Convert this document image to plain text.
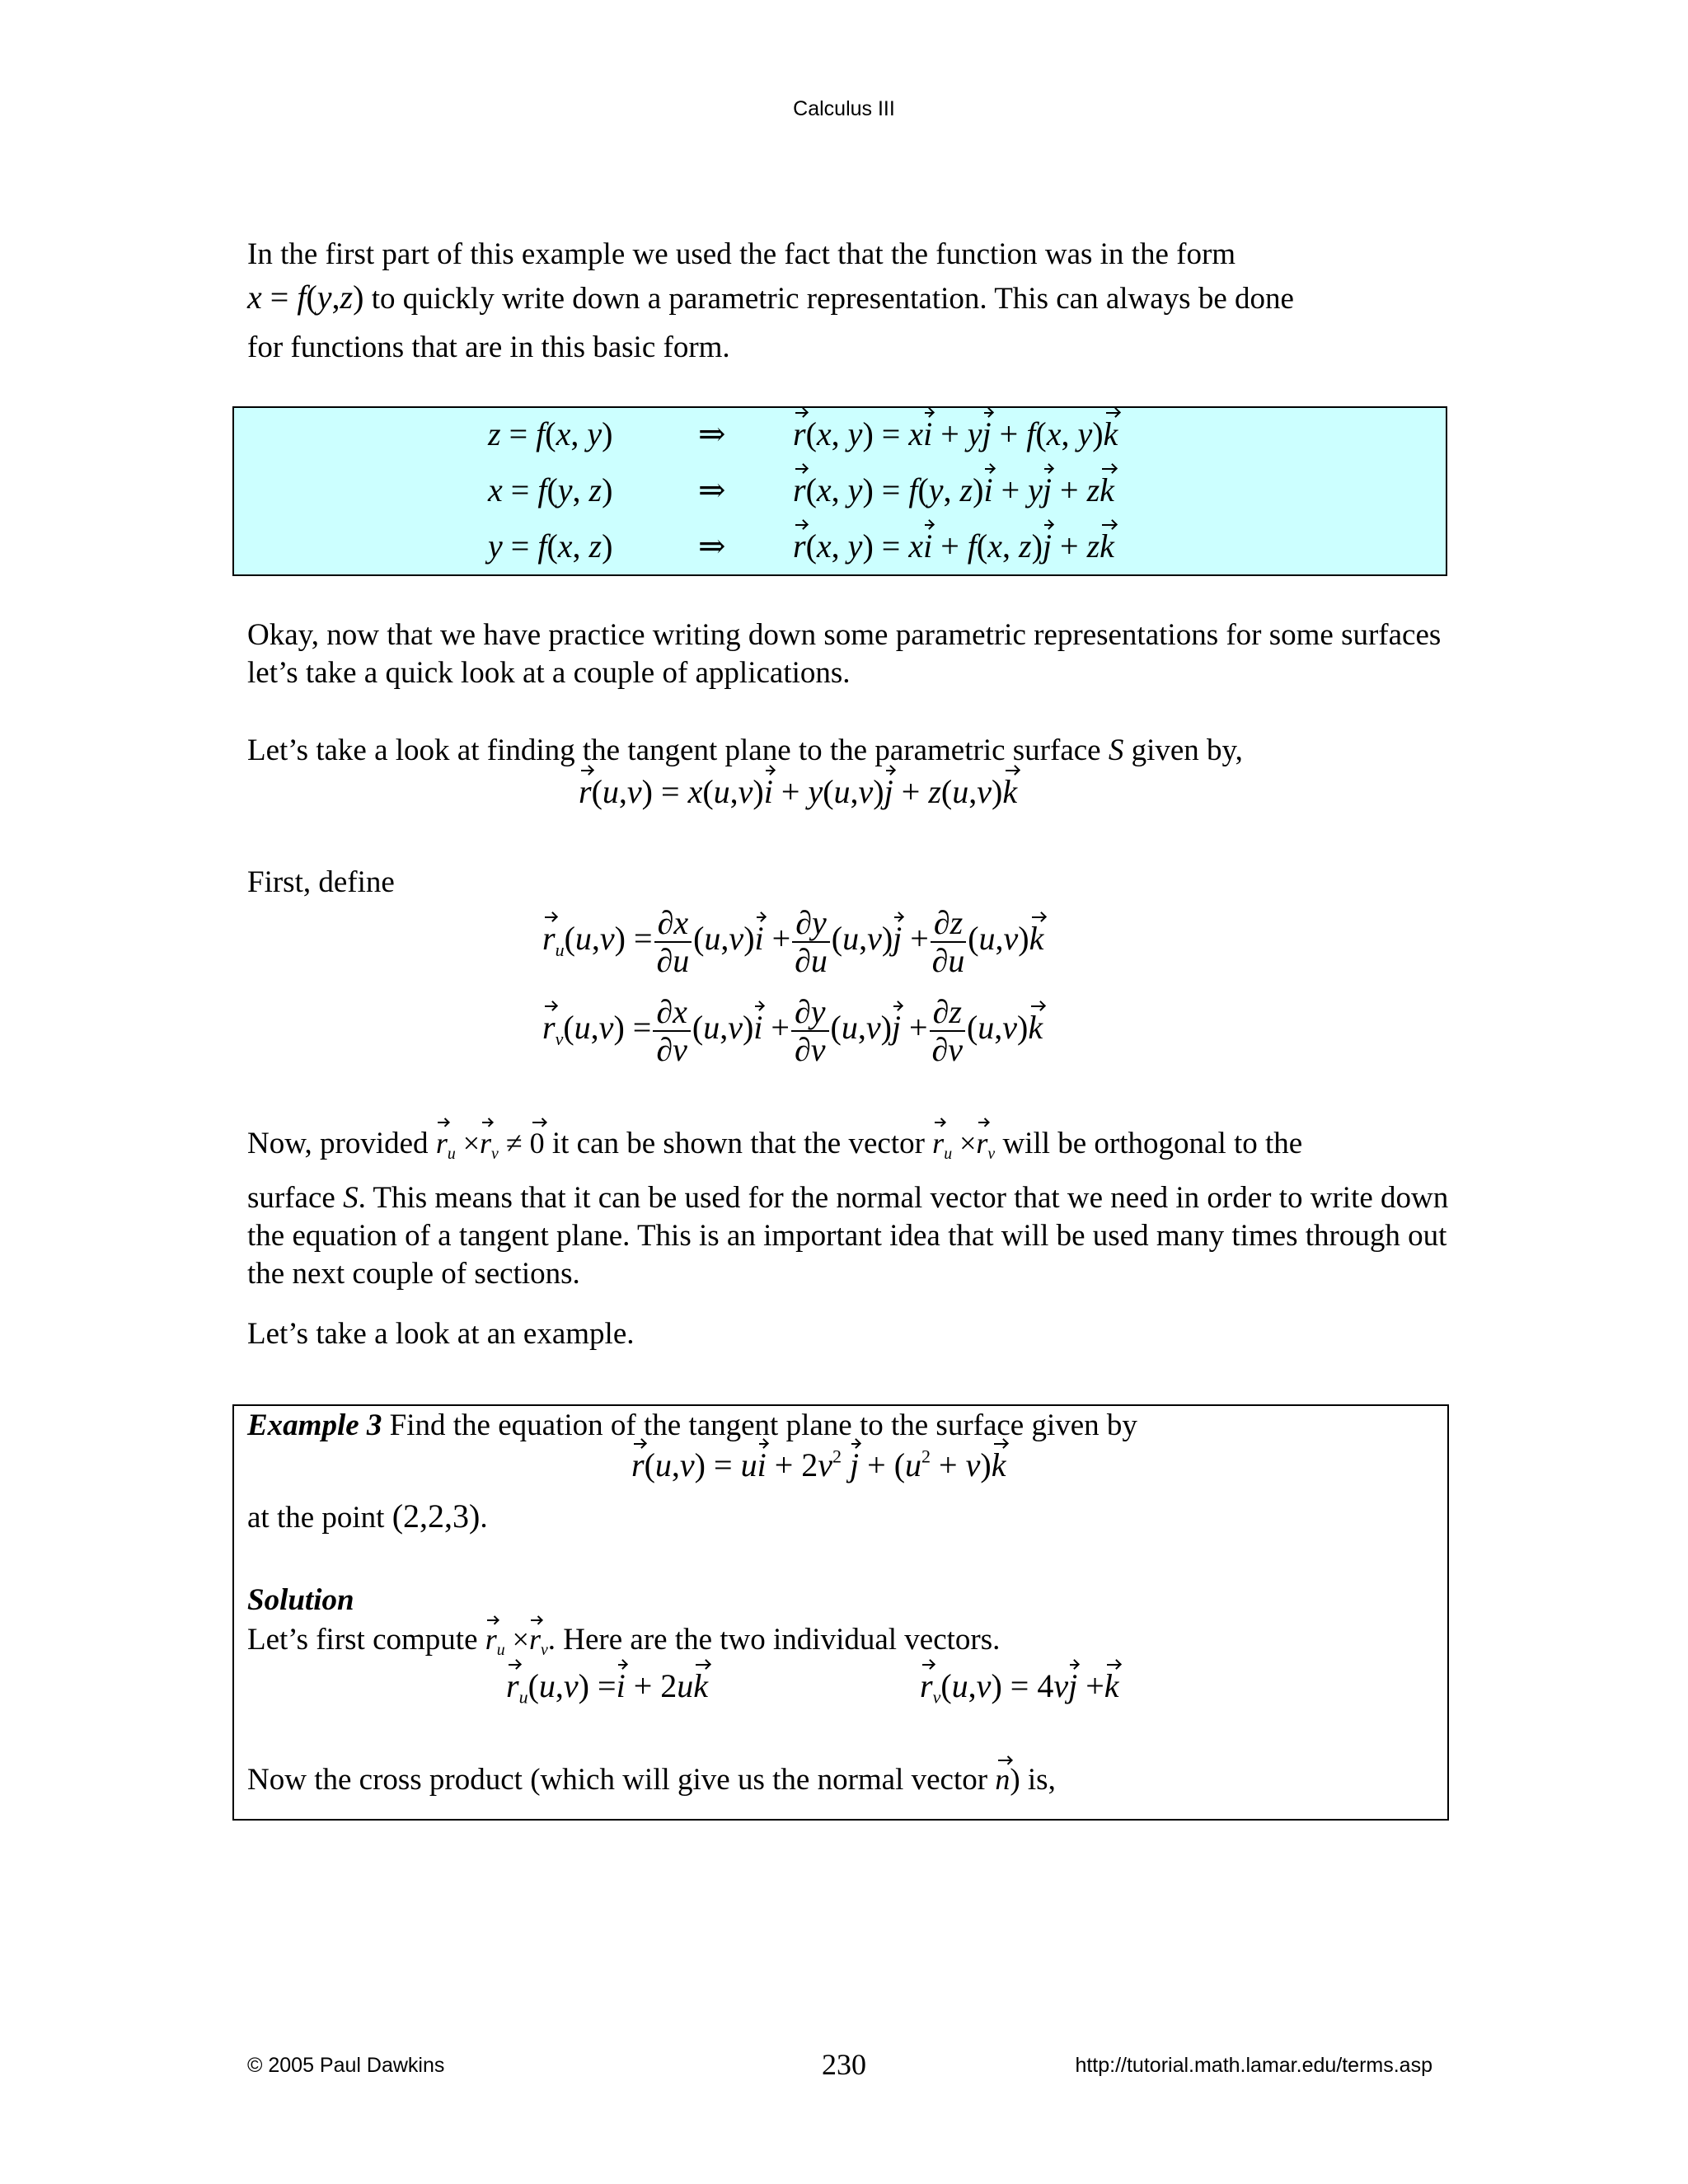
Calculus III
In the first part of this example we used the fact that the function was in the form
x = f(y,z) to quickly write down a parametric representation. This can always be done
for functions that are in this basic form.
z = f(x, y)	⇒ r(x, y) = xi + yj + f(x, y)k
x = f(y, z)	⇒ r(x, y) = f(y, z)i + yj + zk
y = f(x, z)	⇒ r(x, y) = xi + f(x, z)j + zk
Okay, now that we have practice writing down some parametric representations for some surfaces let’s take a quick look at a couple of applications.
Let’s take a look at finding the tangent plane to the parametric surface S given by,
r(u,v) = x(u,v)i + y(u,v)j + z(u,v)k
First, define
$r_u(u,v) = \frac{\partial x}{\partial u} (u,v)i + \frac{\partial y}{\partial u} (u,v)j + \frac{\partial z}{\partial u} (u,v)k$
$r_v(u,v) = \frac{\partial x}{\partial v} (u,v)i + \frac{\partial y}{\partial v} (u,v)j + \frac{\partial z}{\partial v} (u,v)k$
Now, provided $r_u \times r_v \ne 0$ it can be shown that the vector $r_u \times r_v$ will be orthogonal to the
surface S. This means that it can be used for the normal vector that we need in order to write down the equation of a tangent plane. This is an important idea that will be used many times through out the next couple of sections.
Let’s take a look at an example.
Example 3 Find the equation of the tangent plane to the surface given by
r(u,v) = ui + $2v^2$ $j + (u^2 + v)k$
at the point (2,2,3).
Solution
Let’s first compute $r_u \times r_v$. Here are the two individual vectors.
$r_u(u,v) =i + 2uk$	$r_v(u,v) = 4vj +k$
Now the cross product (which will give us the normal vector n) is,
© 2005 Paul Dawkins	230	http://tutorial.math.lamar.edu/terms.asp
